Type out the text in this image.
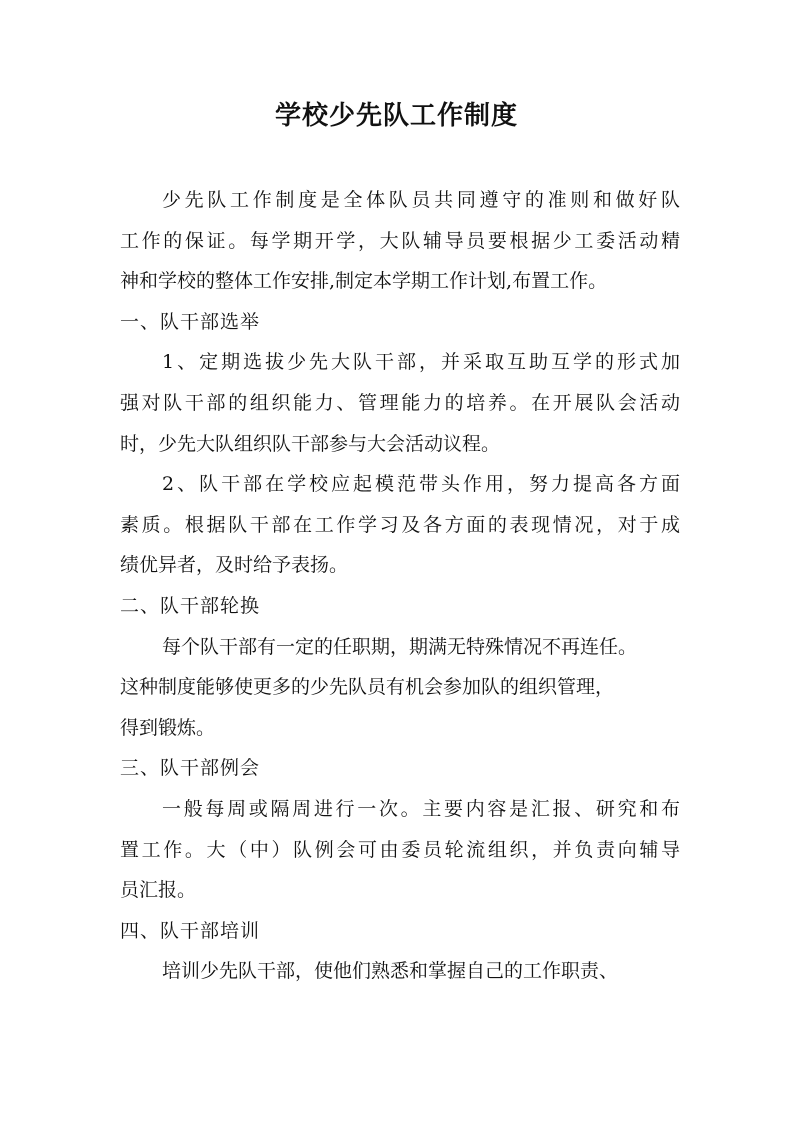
学校少先队工作制度
少先队工作制度是全体队员共同遵守的准则和做好队
工作的保证。每学期开学，大队辅导员要根据少工委活动精
神和学校的整体工作安排,制定本学期工作计划,布置工作。
一、队干部选举
1、定期选拔少先大队干部，并采取互助互学的形式加
强对队干部的组织能力、管理能力的培养。在开展队会活动
时，少先大队组织队干部参与大会活动议程。
2、队干部在学校应起模范带头作用，努力提高各方面
素质。根据队干部在工作学习及各方面的表现情况，对于成
绩优异者，及时给予表扬。
二、队干部轮换
每个队干部有一定的任职期，期满无特殊情况不再连任。
这种制度能够使更多的少先队员有机会参加队的组织管理，
得到锻炼。
三、队干部例会
一般每周或隔周进行一次。主要内容是汇报、研究和布
置工作。大（中）队例会可由委员轮流组织，并负责向辅导
员汇报。
四、队干部培训
培训少先队干部，使他们熟悉和掌握自己的工作职责、
